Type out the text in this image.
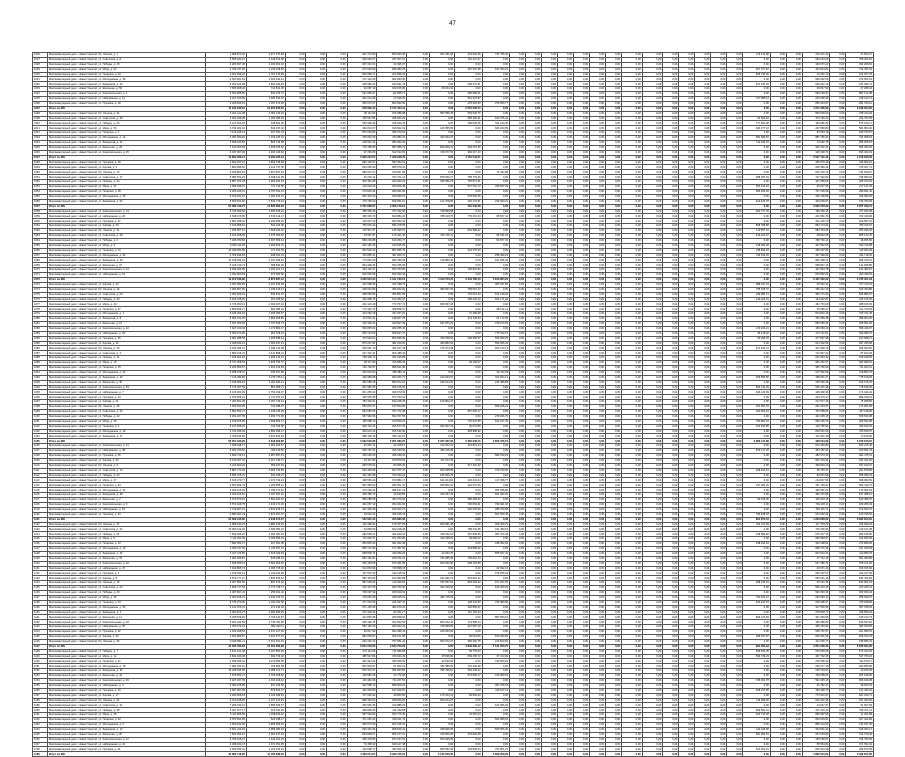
47
1026	Многоквартирный дом г. Новый Уренгой, Пр. Ленина, д. 1	1 908 873,46	2 577 970,68	0,00	0,00	0,00	661 774,69	556 593,36	0,00	201 091,82	444 664,35	731 755,40	0,00	0,00	0,00	0,00	0,00	0,00	0,00	0,00	0,00	0,00	0,00	0,00	0,00	0,00	173 476,08	0,00	0,00	291 211,42	0,00	47 604,17
1027	Многоквартирный дом г. Новый Уренгой, ул. Советская, д. 8	5 565 432,10	2 128 613,68	0,00	0,00	0,00	520 949,07	237 527,01	0,00	0,00	791 427,47	0,00	0,00	0,00	0,00	0,00	0,00	0,00	0,00	0,00	0,00	0,00	0,00	0,00	0,00	0,00	0,00	0,00	0,00	693 244,60	0,00	758 202,16
1028	Многоквартирный дом г. Новый Уренгой, ул. Победы, д. 15	2 284 837,96	1 193 261,32	0,00	0,00	0,00	607 241,51	43 495,37	0,00	0,00	0,00	0,00	0,00	0,00	0,00	0,00	0,00	0,00	0,00	0,00	0,00	0,00	0,00	0,00	0,00	0,00	0,00	0,00	0,00	449 070,22	0,00	392 268,52
1029	Многоквартирный дом г. Новый Уренгой, ул. Мира, д. 22	4 796 797,84	1 106 198,56	0,00	0,00	0,00	676 030,09	846 080,25	0,00	0,00	210 397,38	637 303,24	0,00	0,00	0,00	0,00	0,00	0,00	0,00	0,00	0,00	0,00	0,00	0,00	0,00	0,00	407 727,62	0,00	0,00	164 814,81	0,00	732 781,64
1030	Многоквартирный дом г. Новый Уренгой, ул. Гагарина, д. 29	4 921 836,42	1 767 476,85	0,00	0,00	0,00	840 848,77	224 556,33	0,00	0,00	0,00	0,00	0,00	0,00	0,00	0,00	0,00	0,00	0,00	0,00	0,00	0,00	0,00	0,00	0,00	0,00	825 733,02	0,00	0,00	33 051,70	0,00	104 027,78
1031	Многоквартирный дом г. Новый Уренгой, ул. Молодежная, д. 36	6 525 501,54	2 663 914,61	0,00	0,00	0,00	171 122,69	902 283,95	0,00	0,00	0,00	0,00	0,00	0,00	0,00	0,00	0,00	0,00	0,00	0,00	0,00	0,00	0,00	0,00	0,00	0,00	0,00	0,00	0,00	599 062,50	0,00	470 501,54
1032	Многоквартирный дом г. Новый Уренгой, ул. Заводская, д. 43	9 250 424,38	2 833 024,69	0,00	0,00	0,00	438 985,34	192 831,79	0,00	0,00	608 537,81	0,00	0,00	0,00	0,00	0,00	0,00	0,00	0,00	0,00	0,00	0,00	0,00	0,00	0,00	0,00	647 160,49	0,00	0,00	529 942,13	0,00	181 936,73
1033	Многоквартирный дом г. Новый Уренгой, ул. Школьная, д. 50	7 836 998,46	741 512,35	0,00	0,00	0,00	92 087,19	193 155,86	0,00	25 154,32	0,00	0,00	0,00	0,00	0,00	0,00	0,00	0,00	0,00	0,00	0,00	0,00	0,00	0,00	0,00	0,00	0,00	0,00	0,00	30 817,90	0,00	27 488,43
1034	Многоквартирный дом г. Новый Уренгой, ул. Комсомольская, д. 4	6 600 385,80	830 079,73	0,00	0,00	0,00	621 666,67	111 855,71	0,00	0,00	286 589,51	0,00	0,00	0,00	0,00	0,00	0,00	0,00	0,00	0,00	0,00	0,00	0,00	0,00	0,00	0,00	0,00	0,00	0,00	559 239,97	0,00	881 141,98
1035	Многоквартирный дом г. Новый Уренгой, ул. Набережная, д. 11	6 917 013,89	1 482 690,33	0,00	0,00	0,00	901 014,66	27 546,30	0,00	0,00	561 307,87	0,00	0,00	0,00	0,00	0,00	0,00	0,00	0,00	0,00	0,00	0,00	0,00	0,00	0,00	0,00	767 986,11	0,00	0,00	229 008,49	0,00	198 132,72
1036	Многоквартирный дом г. Новый Уренгой, ул. Пушкина, д. 18	2 225 810,19	1 187 474,28	0,00	0,00	0,00	659 672,07	800 092,59	0,00	0,00	475 520,83	376 500,77	0,00	0,00	0,00	0,00	0,00	0,00	0,00	0,00	0,00	0,00	0,00	0,00	0,00	0,00	0,00	0,00	0,00	865 443,67	0,00	381 790,12
1037	Итого по МО	17 610 185,19	24 915 843,62	0,00	0,00	0,00	679 969,14	6 714 444,44	0,00	0,00	2 051 203,70	0,00	0,00	0,00	0,00	0,00	0,00	0,00	0,00	0,00	0,00	0,00	0,00	0,00	0,00	0,00	0,00	0,00	0,00	4 371 296,30	0,00	2 948 364,20
1038	Многоквартирный дом г. Новый Уренгой, Пр. Ленина, д. 32	3 321 141,98	1 081 134,26	0,00	0,00	0,00	39 112,65	676 986,88	0,00	557 596,45	503 946,76	0,00	0,00	0,00	0,00	0,00	0,00	0,00	0,00	0,00	0,00	0,00	0,00	0,00	0,00	0,00	0,00	0,00	0,00	835 625,00	0,00	238 314,04
1039	Многоквартирный дом г. Новый Уренгой, ул. Советская, д. 39	4 491 049,38	1 184 066,36	0,00	0,00	0,00	150 547,84	335 644,29	0,00	0,00	695 100,31	193 765,43	0,00	0,00	0,00	0,00	0,00	0,00	0,00	0,00	0,00	0,00	0,00	0,00	0,00	0,00	91 504,63	0,00	0,00	174 749,23	0,00	432 762,35
1040	Многоквартирный дом г. Новый Уренгой, ул. Победы, д. 46	9 127 662,04	228 832,30	0,00	0,00	0,00	560 968,36	756 944,44	0,00	0,00	299 039,35	511 130,40	0,00	0,00	0,00	0,00	0,00	0,00	0,00	0,00	0,00	0,00	0,00	0,00	0,00	0,00	777 851,08	0,00	0,00	183 086,42	0,00	576 979,17
1041	Многоквартирный дом г. Новый Уренгой, ул. Мира, д. 53	3 734 182,10	643 197,02	0,00	0,00	0,00	262 824,07	616 902,01	0,00	146 585,65	0,00	603 263,89	0,00	0,00	0,00	0,00	0,00	0,00	0,00	0,00	0,00	0,00	0,00	0,00	0,00	0,00	200 077,16	0,00	0,00	207 858,80	0,00	584 853,40
1042	Многоквартирный дом г. Новый Уренгой, ул. Гагарина, д. 7	7 116 165,12	917 901,23	0,00	0,00	0,00	870 003,86	496 072,53	0,00	0,00	0,00	0,00	0,00	0,00	0,00	0,00	0,00	0,00	0,00	0,00	0,00	0,00	0,00	0,00	0,00	0,00	0,00	0,00	0,00	84 054,78	0,00	183 734,57
1043	Многоквартирный дом г. Новый Уренгой, ул. Молодежная, д. 14	4 054 050,93	2 343 184,16	0,00	0,00	0,00	736 940,59	374 583,33	0,00	463 063,27	0,00	0,00	0,00	0,00	0,00	0,00	0,00	0,00	0,00	0,00	0,00	0,00	0,00	0,00	0,00	0,00	581 689,81	0,00	0,00	887 156,64	0,00	734 058,64
1044	Многоквартирный дом г. Новый Уренгой, ул. Заводская, д. 21	6 696 180,56	825 745,88	0,00	0,00	0,00	228 931,33	380 462,96	0,00	0,00	0,00	0,00	0,00	0,00	0,00	0,00	0,00	0,00	0,00	0,00	0,00	0,00	0,00	0,00	0,00	0,00	712 426,70	0,00	0,00	70 902,78	0,00	256 925,15
1045	Многоквартирный дом г. Новый Уренгой, ул. Школьная, д. 28	7 510 493,83	2 468 325,62	0,00	0,00	0,00	719 158,95	587 588,73	0,00	829 309,41	903 437,50	0,00	0,00	0,00	0,00	0,00	0,00	0,00	0,00	0,00	0,00	0,00	0,00	0,00	0,00	0,00	0,00	0,00	0,00	326 782,41	0,00	593 360,34
1046	Многоквартирный дом г. Новый Уренгой, ул. Комсомольская, д. 35	6 347 067,90	1 460 146,60	0,00	0,00	0,00	97 260,80	612 912,81	0,00	749 077,93	384 317,13	0,00	0,00	0,00	0,00	0,00	0,00	0,00	0,00	0,00	0,00	0,00	0,00	0,00	0,00	0,00	0,00	0,00	0,00	149 328,70	0,00	696 462,19
1047	Итого по МО	14 802 469,14	8 060 185,19	0,00	0,00	0,00	5 936 234,57	7 239 228,40	0,00	0,00	4 781 543,21	0,00	0,00	0,00	0,00	0,00	0,00	0,00	0,00	0,00	0,00	0,00	0,00	0,00	0,00	0,00	0,00	0,00	0,00	3 507 191,36	0,00	1 108 333,33
1048	Многоквартирный дом г. Новый Уренгой, ул. Пушкина, д. 49	3 662 307,10	2 806 738,68	0,00	0,00	0,00	893 136,57	553 464,51	0,00	0,00	0,00	0,00	0,00	0,00	0,00	0,00	0,00	0,00	0,00	0,00	0,00	0,00	0,00	0,00	0,00	0,00	0,00	0,00	0,00	446 076,39	0,00	446 682,10
1049	Многоквартирный дом г. Новый Уренгой, ул. Кирова, д. 3	7 803 896,60	3 114 737,65	0,00	0,00	0,00	802 665,90	585 679,01	0,00	0,00	0,00	0,00	0,00	0,00	0,00	0,00	0,00	0,00	0,00	0,00	0,00	0,00	0,00	0,00	0,00	0,00	0,00	0,00	0,00	608 383,49	0,00	765 007,72
1050	Многоквартирный дом г. Новый Уренгой, Пр. Ленина, д. 10	5 269 560,19	2 827 057,61	0,00	0,00	0,00	889 047,07	316 967,59	0,00	0,00	0,00	76 334,88	0,00	0,00	0,00	0,00	0,00	0,00	0,00	0,00	0,00	0,00	0,00	0,00	0,00	0,00	0,00	0,00	0,00	615 740,74	0,00	794 818,67
1051	Многоквартирный дом г. Новый Уренгой, ул. Советская, д. 17	5 986 651,23	3 048 341,05	0,00	0,00	0,00	36 219,14	764 371,14	0,00	875 536,27	785 775,46	0,00	0,00	0,00	0,00	0,00	0,00	0,00	0,00	0,00	0,00	0,00	0,00	0,00	0,00	0,00	288 287,04	0,00	0,00	747 920,52	0,00	798 989,20
1052	Многоквартирный дом г. Новый Уренгой, ул. Победы, д. 24	6 887 152,78	1 903 292,18	0,00	0,00	0,00	906 361,88	262 060,19	0,00	336 651,23	765 871,91	0,00	0,00	0,00	0,00	0,00	0,00	0,00	0,00	0,00	0,00	0,00	0,00	0,00	0,00	0,00	0,00	0,00	0,00	167 689,04	0,00	465 979,94
1053	Многоквартирный дом г. Новый Уренгой, ул. Мира, д. 31	2 695 949,07	774 742,80	0,00	0,00	0,00	115 019,29	184 606,48	0,00	0,00	547 534,72	456 847,99	0,00	0,00	0,00	0,00	0,00	0,00	0,00	0,00	0,00	0,00	0,00	0,00	0,00	0,00	554 124,23	0,00	0,00	99 637,35	0,00	217 141,20
1054	Многоквартирный дом г. Новый Уренгой, ул. Гагарина, д. 38	6 205 246,91	2 767 811,21	0,00	0,00	0,00	273 819,44	284 841,82	0,00	0,00	0,00	0,00	0,00	0,00	0,00	0,00	0,00	0,00	0,00	0,00	0,00	0,00	0,00	0,00	0,00	0,00	905 925,93	0,00	0,00	707 226,08	0,00	299 961,42
1055	Многоквартирный дом г. Новый Уренгой, ул. Молодежная, д. 45	5 313 541,67	1 184 310,70	0,00	0,00	0,00	832 334,10	229 699,07	0,00	0,00	675 960,65	0,00	0,00	0,00	0,00	0,00	0,00	0,00	0,00	0,00	0,00	0,00	0,00	0,00	0,00	0,00	0,00	0,00	0,00	345 138,89	0,00	326 994,60
1056	Многоквартирный дом г. Новый Уренгой, ул. Заводская, д. 52	8 669 521,60	1 840 779,32	0,00	0,00	0,00	176 728,40	840 991,51	0,00	124 378,86	240 173,61	232 820,22	0,00	0,00	0,00	0,00	0,00	0,00	0,00	0,00	0,00	0,00	0,00	0,00	0,00	0,00	913 429,78	0,00	0,00	300 609,57	0,00	159 780,09
1057	Итого по МО	64 386 419,75	14 835 082,30	0,00	0,00	0,00	2 731 666,67	2 353 179,01	0,00	0,00	451 049,38	0,00	0,00	0,00	0,00	0,00	0,00	0,00	0,00	0,00	0,00	0,00	0,00	0,00	0,00	0,00	0,00	0,00	0,00	2 932 253,09	0,00	3 207 469,14
1058	Многоквартирный дом г. Новый Уренгой, ул. Комсомольская, д. 13	9 739 930,56	2 465 329,22	0,00	0,00	0,00	458 306,33	797 337,96	0,00	738 595,68	0,00	0,00	0,00	0,00	0,00	0,00	0,00	0,00	0,00	0,00	0,00	0,00	0,00	0,00	0,00	0,00	262 777,78	0,00	0,00	186 300,15	0,00	767 924,38
1059	Многоквартирный дом г. Новый Уренгой, ул. Набережная, д. 20	6 548 726,85	2 670 113,17	0,00	0,00	0,00	366 963,73	819 884,26	0,00	788 919,75	779 251,54	68 657,41	0,00	0,00	0,00	0,00	0,00	0,00	0,00	0,00	0,00	0,00	0,00	0,00	0,00	0,00	0,00	0,00	0,00	201 581,79	0,00	702 418,98
1060	Многоквартирный дом г. Новый Уренгой, ул. Пушкина, д. 27	6 891 358,02	2 940 959,36	0,00	0,00	0,00	109 097,22	903 452,93	0,00	0,00	0,00	0,00	0,00	0,00	0,00	0,00	0,00	0,00	0,00	0,00	0,00	0,00	0,00	0,00	0,00	0,00	0,00	0,00	0,00	341 203,70	0,00	625 837,19
1061	Многоквартирный дом г. Новый Уренгой, ул. Кирова, д. 34	3 019 058,64	522 106,48	0,00	0,00	0,00	783 904,32	684 278,55	0,00	0,00	0,00	0,00	0,00	0,00	0,00	0,00	0,00	0,00	0,00	0,00	0,00	0,00	0,00	0,00	0,00	0,00	868 788,58	0,00	0,00	892 773,92	0,00	780 416,67
1062	Многоквартирный дом г. Новый Уренгой, Пр. Ленина, д. 41	7 456 057,10	1 696 322,02	0,00	0,00	0,00	297 511,57	145 339,51	0,00	0,00	642 989,97	0,00	0,00	0,00	0,00	0,00	0,00	0,00	0,00	0,00	0,00	0,00	0,00	0,00	0,00	0,00	713 557,10	0,00	0,00	684 764,66	0,00	186 296,30
1063	Многоквартирный дом г. Новый Уренгой, ул. Советская, д. 48	8 320 408,95	2 475 180,04	0,00	0,00	0,00	45 057,87	173 441,36	0,00	476 736,11	0,00	56 331,02	0,00	0,00	0,00	0,00	0,00	0,00	0,00	0,00	0,00	0,00	0,00	0,00	0,00	0,00	443 422,07	0,00	0,00	58 842,59	0,00	585 142,75
1064	Многоквартирный дом г. Новый Уренгой, ул. Победы, д. 2	7 028 780,86	2 997 569,44	0,00	0,00	0,00	568 209,88	610 250,77	0,00	0,00	0,00	53 877,31	0,00	0,00	0,00	0,00	0,00	0,00	0,00	0,00	0,00	0,00	0,00	0,00	0,00	0,00	0,00	0,00	0,00	768 746,14	0,00	98 055,56
1065	Многоквартирный дом г. Новый Уренгой, ул. Мира, д. 9	9 049 112,65	2 699 562,76	0,00	0,00	0,00	640 150,46	129 645,06	0,00	0,00	0,00	0,00	0,00	0,00	0,00	0,00	0,00	0,00	0,00	0,00	0,00	0,00	0,00	0,00	0,00	0,00	218 090,28	0,00	0,00	347 862,65	0,00	460 736,88
1066	Многоквартирный дом г. Новый Уренгой, ул. Гагарина, д. 16	10 039 351,85	771 154,84	0,00	0,00	0,00	903 526,23	887 696,76	0,00	0,00	544 375,00	0,00	0,00	0,00	0,00	0,00	0,00	0,00	0,00	0,00	0,00	0,00	0,00	0,00	0,00	0,00	248 969,91	0,00	0,00	459 297,84	0,00	119 394,29
1067	Многоквартирный дом г. Новый Уренгой, ул. Молодежная, д. 23	4 764 814,81	948 161,01	0,00	0,00	0,00	703 850,31	401 909,72	0,00	0,00	0,00	258 499,23	0,00	0,00	0,00	0,00	0,00	0,00	0,00	0,00	0,00	0,00	0,00	0,00	0,00	0,00	746 516,20	0,00	0,00	337 399,69	0,00	344 718,36
1068	Многоквартирный дом г. Новый Уренгой, ул. Заводская, д. 30	10 156 944,44	2 347 389,40	0,00	0,00	0,00	770 841,05	682 789,35	0,00	744 880,40	0,00	641 836,42	0,00	0,00	0,00	0,00	0,00	0,00	0,00	0,00	0,00	0,00	0,00	0,00	0,00	0,00	0,00	0,00	0,00	582 168,21	0,00	836 709,10
1069	Многоквартирный дом г. Новый Уренгой, ул. Школьная, д. 37	5 215 740,74	968 840,02	0,00	0,00	0,00	804 498,46	530 335,65	0,00	0,00	0,00	0,00	0,00	0,00	0,00	0,00	0,00	0,00	0,00	0,00	0,00	0,00	0,00	0,00	0,00	0,00	0,00	0,00	0,00	658 827,16	0,00	141 608,80
1070	Многоквартирный дом г. Новый Уренгой, ул. Комсомольская, д. 44	9 936 033,95	1 451 221,71	0,00	0,00	0,00	394 120,37	503 753,86	0,00	0,00	136 820,99	0,00	0,00	0,00	0,00	0,00	0,00	0,00	0,00	0,00	0,00	0,00	0,00	0,00	0,00	0,00	0,00	0,00	0,00	167 804,78	0,00	642 484,57
1071	Многоквартирный дом г. Новый Уренгой, ул. Набережная, д. 51	3 391 550,93	372 350,82	0,00	0,00	0,00	520 690,59	533 333,33	0,00	0,00	0,00	0,00	0,00	0,00	0,00	0,00	0,00	0,00	0,00	0,00	0,00	0,00	0,00	0,00	0,00	0,00	0,00	0,00	0,00	870 852,62	0,00	290 439,81
1072	Итого по МО	13 672 530,86	8 874 897,12	0,00	0,00	0,00	4 026 944,44	4 131 790,12	0,00	4 313 703,70	3 243 765,43	5 810 864,20	0,00	0,00	0,00	0,00	0,00	0,00	0,00	0,00	0,00	0,00	0,00	0,00	0,00	0,00	0,00	0,00	0,00	5 437 222,22	0,00	2 725 401,23
1073	Многоквартирный дом г. Новый Уренгой, ул. Кирова, д. 12	3 097 993,83	2 247 492,28	0,00	0,00	0,00	127 908,95	371 338,73	0,00	0,00	0,00	387 187,50	0,00	0,00	0,00	0,00	0,00	0,00	0,00	0,00	0,00	0,00	0,00	0,00	0,00	0,00	388 167,44	0,00	0,00	35 532,41	0,00	677 110,34
1074	Многоквартирный дом г. Новый Уренгой, Пр. Ленина, д. 19	1 934 567,90	1 239 313,27	0,00	0,00	0,00	406 010,80	396 662,81	0,00	382 827,93	768 067,13	0,00	0,00	0,00	0,00	0,00	0,00	0,00	0,00	0,00	0,00	0,00	0,00	0,00	0,00	0,00	758 078,70	0,00	0,00	780 212,19	0,00	543 780,86
1075	Многоквартирный дом г. Новый Уренгой, ул. Советская, д. 26	2 960 069,44	635 931,07	0,00	0,00	0,00	688 653,55	356 851,85	0,00	0,00	715 613,43	672 148,92	0,00	0,00	0,00	0,00	0,00	0,00	0,00	0,00	0,00	0,00	0,00	0,00	0,00	0,00	349 980,71	0,00	0,00	360 771,60	0,00	826 886,57
1076	Многоквартирный дом г. Новый Уренгой, ул. Победы, д. 33	9 622 145,06	291 036,52	0,00	0,00	0,00	429 398,15	122 364,97	0,00	0,00	305 432,10	603 171,30	0,00	0,00	0,00	0,00	0,00	0,00	0,00	0,00	0,00	0,00	0,00	0,00	0,00	0,00	144 429,01	0,00	0,00	124 432,87	0,00	440 316,36
1077	Многоквартирный дом г. Новый Уренгой, ул. Мира, д. 40	9 726 350,31	2 362 037,04	0,00	0,00	0,00	242 133,49	773 757,72	0,00	666 867,28	0,00	0,00	0,00	0,00	0,00	0,00	0,00	0,00	0,00	0,00	0,00	0,00	0,00	0,00	0,00	0,00	0,00	0,00	0,00	494 753,09	0,00	488 645,83
1078	Многоквартирный дом г. Новый Уренгой, ул. Гагарина, д. 47	4 850 848,77	682 085,91	0,00	0,00	0,00	774 490,74	428 568,67	0,00	0,00	0,00	98 121,14	0,00	0,00	0,00	0,00	0,00	0,00	0,00	0,00	0,00	0,00	0,00	0,00	0,00	0,00	0,00	0,00	0,00	59 286,27	0,00	211 743,83
1079	Многоквартирный дом г. Новый Уренгой, ул. Молодежная, д. 1	8 195 254,63	1 455 066,87	0,00	0,00	0,00	323 283,18	447 037,04	0,00	0,00	72 465,28	0,00	0,00	0,00	0,00	0,00	0,00	0,00	0,00	0,00	0,00	0,00	0,00	0,00	0,00	0,00	0,00	0,00	0,00	870 810,19	0,00	795 721,45
1080	Многоквартирный дом г. Новый Уренгой, ул. Заводская, д. 8	8 954 012,35	1 856 905,86	0,00	0,00	0,00	174 621,91	148 607,25	0,00	0,00	474 729,94	51 172,84	0,00	0,00	0,00	0,00	0,00	0,00	0,00	0,00	0,00	0,00	0,00	0,00	0,00	0,00	0,00	0,00	0,00	793 356,48	0,00	398 823,30
1081	Многоквартирный дом г. Новый Уренгой, ул. Школьная, д. 15	2 457 253,09	1 737 615,74	0,00	0,00	0,00	319 390,43	240 597,99	0,00	187 874,23	0,00	379 274,69	0,00	0,00	0,00	0,00	0,00	0,00	0,00	0,00	0,00	0,00	0,00	0,00	0,00	0,00	0,00	0,00	0,00	882 569,44	0,00	368 591,82
1082	Многоквартирный дом г. Новый Уренгой, ул. Комсомольская, д. 22	7 627 160,49	1 173 881,17	0,00	0,00	0,00	530 825,62	299 255,40	0,00	0,00	0,00	0,00	0,00	0,00	0,00	0,00	0,00	0,00	0,00	0,00	0,00	0,00	0,00	0,00	0,00	0,00	174 043,21	0,00	0,00	166 084,10	0,00	838 449,07
1083	Многоквартирный дом г. Новый Уренгой, ул. Набережная, д. 29	5 050 270,06	954 578,19	0,00	0,00	0,00	609 710,65	508 927,47	0,00	0,00	0,00	775 702,16	0,00	0,00	0,00	0,00	0,00	0,00	0,00	0,00	0,00	0,00	0,00	0,00	0,00	0,00	35 478,40	0,00	0,00	174 741,51	0,00	360 995,37
1084	Многоквартирный дом г. Новый Уренгой, ул. Пушкина, д. 36	3 081 288,58	1 455 658,44	0,00	0,00	0,00	173 923,61	853 695,99	0,00	709 768,52	309 359,57	563 580,25	0,00	0,00	0,00	0,00	0,00	0,00	0,00	0,00	0,00	0,00	0,00	0,00	0,00	0,00	50 208,33	0,00	0,00	377 897,38	0,00	813 688,27
1085	Многоквартирный дом г. Новый Уренгой, ул. Кирова, д. 43	6 048 032,41	1 350 437,24	0,00	0,00	0,00	875 227,62	482 314,81	0,00	409 683,64	0,00	692 056,33	0,00	0,00	0,00	0,00	0,00	0,00	0,00	0,00	0,00	0,00	0,00	0,00	0,00	0,00	0,00	0,00	0,00	614 332,56	0,00	297 345,68
1086	Многоквартирный дом г. Новый Уренгой, Пр. Ленина, д. 50	5 023 495,37	1 944 110,08	0,00	0,00	0,00	500 551,70	421 527,78	0,00	776 674,38	0,00	600 713,73	0,00	0,00	0,00	0,00	0,00	0,00	0,00	0,00	0,00	0,00	0,00	0,00	0,00	0,00	617 434,41	0,00	0,00	347 669,75	0,00	466 562,50
1087	Многоквартирный дом г. Новый Уренгой, ул. Советская, д. 4	2 880 015,43	1 441 808,13	0,00	0,00	0,00	227 407,41	606 485,34	0,00	0,00	0,00	0,00	0,00	0,00	0,00	0,00	0,00	0,00	0,00	0,00	0,00	0,00	0,00	0,00	0,00	0,00	0,00	0,00	0,00	717 847,22	0,00	87 202,93
1088	Многоквартирный дом г. Новый Уренгой, ул. Победы, д. 11	7 646 604,94	1 458 140,43	0,00	0,00	0,00	799 436,73	251 199,85	0,00	0,00	0,00	0,00	0,00	0,00	0,00	0,00	0,00	0,00	0,00	0,00	0,00	0,00	0,00	0,00	0,00	0,00	0,00	0,00	0,00	642 654,32	0,00	918 028,55
1089	Многоквартирный дом г. Новый Уренгой, ул. Мира, д. 18	8 737 268,52	1 878 793,72	0,00	0,00	0,00	48 317,90	794 988,43	0,00	0,00	39 166,67	0,00	0,00	0,00	0,00	0,00	0,00	0,00	0,00	0,00	0,00	0,00	0,00	0,00	0,00	0,00	0,00	0,00	0,00	681 261,57	0,00	904 089,51
1090	Многоквартирный дом г. Новый Уренгой, ул. Гагарина, д. 25	8 266 859,57	1 454 243,83	0,00	0,00	0,00	726 739,97	898 641,98	0,00	0,00	0,00	0,00	0,00	0,00	0,00	0,00	0,00	0,00	0,00	0,00	0,00	0,00	0,00	0,00	0,00	0,00	0,00	0,00	0,00	365 790,90	0,00	711 304,01
1091	Многоквартирный дом г. Новый Уренгой, ул. Молодежная, д. 32	5 288 078,70	240 637,86	0,00	0,00	0,00	202 010,03	185 486,11	0,00	0,00	0,00	33 742,28	0,00	0,00	0,00	0,00	0,00	0,00	0,00	0,00	0,00	0,00	0,00	0,00	0,00	0,00	0,00	0,00	0,00	217 592,59	0,00	218 892,75
1092	Многоквартирный дом г. Новый Уренгой, ул. Заводская, д. 39	7 116 280,86	1 276 736,11	0,00	0,00	0,00	426 959,88	844 000,77	0,00	132 943,67	0,00	611 844,14	0,00	0,00	0,00	0,00	0,00	0,00	0,00	0,00	0,00	0,00	0,00	0,00	0,00	0,00	256 805,56	0,00	0,00	438 661,27	0,00	778 618,83
1093	Многоквартирный дом г. Новый Уренгой, ул. Школьная, д. 46	2 239 004,63	3 094 650,21	0,00	0,00	0,00	552 658,18	863 912,04	0,00	249 614,20	0,00	244 486,88	0,00	0,00	0,00	0,00	0,00	0,00	0,00	0,00	0,00	0,00	0,00	0,00	0,00	0,00	0,00	0,00	0,00	725 096,45	0,00	912 276,23
1094	Многоквартирный дом г. Новый Уренгой, ул. Комсомольская, д. 53	4 714 467,59	854 989,71	0,00	0,00	0,00	827 982,25	253 125,00	0,00	0,00	0,00	0,00	0,00	0,00	0,00	0,00	0,00	0,00	0,00	0,00	0,00	0,00	0,00	0,00	0,00	0,00	803 144,29	0,00	0,00	535 231,48	0,00	778 198,30
1095	Многоквартирный дом г. Новый Уренгой, ул. Набережная, д. 7	8 126 003,09	2 752 199,07	0,00	0,00	0,00	811 265,43	469 972,99	0,00	0,00	0,00	0,00	0,00	0,00	0,00	0,00	0,00	0,00	0,00	0,00	0,00	0,00	0,00	0,00	0,00	0,00	646 149,69	0,00	0,00	128 468,36	0,00	174 444,44
1096	Многоквартирный дом г. Новый Уренгой, ул. Пушкина, д. 14	3 979 668,21	2 731 970,16	0,00	0,00	0,00	166 539,35	572 700,62	0,00	0,00	0,00	0,00	0,00	0,00	0,00	0,00	0,00	0,00	0,00	0,00	0,00	0,00	0,00	0,00	0,00	0,00	0,00	0,00	0,00	444 479,17	0,00	890 918,21
1097	Многоквартирный дом г. Новый Уренгой, ул. Кирова, д. 21	7 204 591,05	2 067 746,91	0,00	0,00	0,00	784 402,01	813 248,46	0,00	100 802,47	0,00	0,00	0,00	0,00	0,00	0,00	0,00	0,00	0,00	0,00	0,00	0,00	0,00	0,00	0,00	0,00	0,00	0,00	0,00	217 577,16	0,00	75 358,80
1098	Многоквартирный дом г. Новый Уренгой, Пр. Ленина, д. 28	4 023 533,95	730 388,37	0,00	0,00	0,00	552 870,37	137 503,86	0,00	0,00	0,00	695 945,22	0,00	0,00	0,00	0,00	0,00	0,00	0,00	0,00	0,00	0,00	0,00	0,00	0,00	0,00	251 554,78	0,00	0,00	201 234,57	0,00	172 905,09
1099	Многоквартирный дом г. Новый Уренгой, ул. Советская, д. 35	4 804 552,47	1 148 135,29	0,00	0,00	0,00	692 083,33	757 272,38	0,00	0,00	857 006,17	0,00	0,00	0,00	0,00	0,00	0,00	0,00	0,00	0,00	0,00	0,00	0,00	0,00	0,00	0,00	154 656,64	0,00	0,00	751 558,64	0,00	437 118,06
1100	Многоквартирный дом г. Новый Уренгой, ул. Победы, д. 42	9 252 237,65	2 454 771,09	0,00	0,00	0,00	697 962,96	543 707,56	0,00	0,00	0,00	279 926,70	0,00	0,00	0,00	0,00	0,00	0,00	0,00	0,00	0,00	0,00	0,00	0,00	0,00	0,00	0,00	0,00	0,00	424 425,15	0,00	668 549,38
1101	Многоквартирный дом г. Новый Уренгой, ул. Мира, д. 49	6 679 976,85	1 588 863,17	0,00	0,00	0,00	155 088,73	270 509,26	0,00	0,00	770 937,50	621 917,44	0,00	0,00	0,00	0,00	0,00	0,00	0,00	0,00	0,00	0,00	0,00	0,00	0,00	0,00	760 860,34	0,00	0,00	552 206,79	0,00	265 543,98
1102	Многоквартирный дом г. Новый Уренгой, ул. Гагарина, д. 3	8 147 608,02	734 709,36	0,00	0,00	0,00	909 722,22	916 577,93	0,00	251 817,13	30 574,85	0,00	0,00	0,00	0,00	0,00	0,00	0,00	0,00	0,00	0,00	0,00	0,00	0,00	0,00	0,00	102 530,86	0,00	0,00	129 756,94	0,00	459 529,32
1103	Многоквартирный дом г. Новый Уренгой, ул. Молодежная, д. 10	5 724 035,49	1 852 006,17	0,00	0,00	0,00	903 013,12	615 192,90	0,00	0,00	905 898,92	0,00	0,00	0,00	0,00	0,00	0,00	0,00	0,00	0,00	0,00	0,00	0,00	0,00	0,00	0,00	0,00	0,00	0,00	819 521,60	0,00	760 636,57
1104	Многоквартирный дом г. Новый Уренгой, ул. Заводская, д. 17	3 709 645,06	2 570 203,19	0,00	0,00	0,00	588 148,15	656 114,97	0,00	0,00	0,00	0,00	0,00	0,00	0,00	0,00	0,00	0,00	0,00	0,00	0,00	0,00	0,00	0,00	0,00	0,00	0,00	0,00	0,00	311 921,30	0,00	70 165,90
1105	Итого по МО	56 254 320,99	2 618 209,88	0,00	0,00	0,00	5 992 530,86	5 251 080,25	0,00	6 207 067,90	2 355 648,15	3 652 376,54	0,00	0,00	0,00	0,00	0,00	0,00	0,00	0,00	0,00	0,00	0,00	0,00	0,00	0,00	2 986 141,98	0,00	0,00	428 024,69	0,00	3 379 166,67
1106	Многоквартирный дом г. Новый Уренгой, ул. Комсомольская, д. 31	7 938 348,77	2 961 252,57	0,00	0,00	0,00	33 240,74	62 318,67	0,00	742 002,31	331 871,14	0,00	0,00	0,00	0,00	0,00	0,00	0,00	0,00	0,00	0,00	0,00	0,00	0,00	0,00	0,00	0,00	0,00	0,00	670 493,83	0,00	653 275,46
1107	Многоквартирный дом г. Новый Уренгой, ул. Набережная, д. 38	8 052 700,62	490 110,60	0,00	0,00	0,00	605 787,04	915 420,52	0,00	456 215,28	0,00	0,00	0,00	0,00	0,00	0,00	0,00	0,00	0,00	0,00	0,00	0,00	0,00	0,00	0,00	0,00	879 471,45	0,00	0,00	354 151,23	0,00	450 821,76
1108	Многоквартирный дом г. Новый Уренгой, ул. Пушкина, д. 45	5 833 719,14	2 907 857,51	0,00	0,00	0,00	445 000,00	335 189,04	0,00	0,00	0,00	582 519,29	0,00	0,00	0,00	0,00	0,00	0,00	0,00	0,00	0,00	0,00	0,00	0,00	0,00	0,00	0,00	0,00	0,00	482 573,30	0,00	604 475,31
1109	Многоквартирный дом г. Новый Уренгой, ул. Кирова, д. 52	5 150 347,22	2 227 134,77	0,00	0,00	0,00	24 347,99	150 879,63	0,00	117 137,35	0,00	0,00	0,00	0,00	0,00	0,00	0,00	0,00	0,00	0,00	0,00	0,00	0,00	0,00	0,00	0,00	0,00	0,00	0,00	591 319,44	0,00	452 341,82
1110	Многоквартирный дом г. Новый Уренгой, Пр. Ленина, д. 6	3 214 660,49	953 047,84	0,00	0,00	0,00	839 575,62	83 005,40	0,00	0,00	317 461,42	0,00	0,00	0,00	0,00	0,00	0,00	0,00	0,00	0,00	0,00	0,00	0,00	0,00	0,00	0,00	0,00	0,00	0,00	399 834,10	0,00	547 199,07
1111	Многоквартирный дом г. Новый Уренгой, ул. Советская, д. 13	5 887 770,06	2 483 744,86	0,00	0,00	0,00	543 460,65	817 677,47	0,00	662 638,89	0,00	379 733,80	0,00	0,00	0,00	0,00	0,00	0,00	0,00	0,00	0,00	0,00	0,00	0,00	0,00	0,00	408 491,51	0,00	0,00	69 745,37	0,00	291 878,86
1112	Многоквартирный дом г. Новый Уренгой, ул. Победы, д. 20	9 554 475,31	492 245,37	0,00	0,00	0,00	262 445,99	700 320,22	0,00	180 929,78	0,00	0,00	0,00	0,00	0,00	0,00	0,00	0,00	0,00	0,00	0,00	0,00	0,00	0,00	0,00	0,00	0,00	0,00	0,00	83 815,59	0,00	658 958,33
1113	Многоквартирный дом г. Новый Уренгой, ул. Мира, д. 27	5 616 473,77	1 374 794,24	0,00	0,00	0,00	438 553,24	673 881,17	0,00	641 064,81	418 433,64	417 098,77	0,00	0,00	0,00	0,00	0,00	0,00	0,00	0,00	0,00	0,00	0,00	0,00	0,00	0,00	0,00	0,00	0,00	214 837,96	0,00	698 082,56
1114	Многоквартирный дом г. Новый Уренгой, ул. Гагарина, д. 34	8 560 956,79	1 253 665,12	0,00	0,00	0,00	851 983,02	284 301,70	0,00	353 800,15	422 372,69	0,00	0,00	0,00	0,00	0,00	0,00	0,00	0,00	0,00	0,00	0,00	0,00	0,00	0,00	0,00	237 384,26	0,00	0,00	701 184,41	0,00	806 419,75
1115	Многоквартирный дом г. Новый Уренгой, ул. Молодежная, д. 41	5 003 125,00	1 789 171,81	0,00	0,00	0,00	176 292,44	386 157,41	0,00	0,00	0,00	306 635,80	0,00	0,00	0,00	0,00	0,00	0,00	0,00	0,00	0,00	0,00	0,00	0,00	0,00	0,00	0,00	0,00	0,00	426 597,22	0,00	170 952,93
1116	Многоквартирный дом г. Новый Уренгой, ул. Заводская, д. 48	3 234 104,94	1 237 307,10	0,00	0,00	0,00	208 186,73	34 949,85	0,00	793 337,19	0,00	501 404,32	0,00	0,00	0,00	0,00	0,00	0,00	0,00	0,00	0,00	0,00	0,00	0,00	0,00	0,00	0,00	0,00	0,00	482 476,85	0,00	607 388,12
1117	Многоквартирный дом г. Новый Уренгой, ул. Школьная, д. 2	6 070 679,01	2 562 461,42	0,00	0,00	0,00	586 288,58	460 273,92	0,00	0,00	486 396,60	0,00	0,00	0,00	0,00	0,00	0,00	0,00	0,00	0,00	0,00	0,00	0,00	0,00	0,00	0,00	60 435,96	0,00	0,00	105 023,15	0,00	810 489,97
1118	Многоквартирный дом г. Новый Уренгой, ул. Комсомольская, д. 9	5 573 919,75	1 443 171,30	0,00	0,00	0,00	431 057,10	252 264,66	0,00	0,00	720 054,01	790 941,36	0,00	0,00	0,00	0,00	0,00	0,00	0,00	0,00	0,00	0,00	0,00	0,00	0,00	0,00	0,00	0,00	0,00	794 236,11	0,00	480 258,49
1119	Многоквартирный дом г. Новый Уренгой, ул. Набережная, д. 16	7 743 827,16	2 879 436,73	0,00	0,00	0,00	342 492,28	910 922,07	0,00	0,00	620 378,09	285 709,88	0,00	0,00	0,00	0,00	0,00	0,00	0,00	0,00	0,00	0,00	0,00	0,00	0,00	0,00	0,00	0,00	0,00	450 115,74	0,00	216 693,67
1120	Многоквартирный дом г. Новый Уренгой, ул. Пушкина, д. 23	9 580 401,23	2 871 257,72	0,00	0,00	0,00	20 594,14	336 246,14	0,00	0,00	0,00	507 650,46	0,00	0,00	0,00	0,00	0,00	0,00	0,00	0,00	0,00	0,00	0,00	0,00	0,00	0,00	786 408,18	0,00	0,00	572 662,04	0,00	619 795,52
1121	Итого по МО	64 669 135,80	3 349 074,07	0,00	0,00	0,00	522 901,23	225 895,06	0,00	0,00	0,00	0,00	0,00	0,00	0,00	0,00	0,00	0,00	0,00	0,00	0,00	0,00	0,00	0,00	0,00	0,00	601 975,31	0,00	0,00	1 293 858,02	0,00	6 895 000,00
1122	Многоквартирный дом г. Новый Уренгой, Пр. Ленина, д. 37	5 895 640,43	2 884 516,46	0,00	0,00	0,00	116 469,91	176 797,84	0,00	693 981,48	0,00	269 409,72	0,00	0,00	0,00	0,00	0,00	0,00	0,00	0,00	0,00	0,00	0,00	0,00	0,00	0,00	703 722,99	0,00	0,00	117 754,63	0,00	425 999,23
1123	Многоквартирный дом г. Новый Уренгой, ул. Советская, д. 44	10 090 123,46	2 180 054,01	0,00	0,00	0,00	54 899,69	812 218,36	0,00	0,00	788 341,05	431 450,62	0,00	0,00	0,00	0,00	0,00	0,00	0,00	0,00	0,00	0,00	0,00	0,00	0,00	0,00	0,00	0,00	0,00	740 300,93	0,00	129 101,08
1124	Многоквартирный дом г. Новый Уренгой, ул. Победы, д. 51	7 593 364,20	1 394 097,22	0,00	0,00	0,00	299 668,21	404 209,10	0,00	418 152,01	397 835,65	487 704,48	0,00	0,00	0,00	0,00	0,00	0,00	0,00	0,00	0,00	0,00	0,00	0,00	0,00	0,00	198 869,60	0,00	0,00	676 327,16	0,00	909 108,80
1125	Многоквартирный дом г. Новый Уренгой, ул. Мира, д. 5	7 111 033,95	3 009 555,04	0,00	0,00	0,00	711 620,37	671 253,86	0,00	412 048,61	29 695,22	0,00	0,00	0,00	0,00	0,00	0,00	0,00	0,00	0,00	0,00	0,00	0,00	0,00	0,00	0,00	0,00	0,00	0,00	659 984,57	0,00	106 655,09
1126	Многоквартирный дом г. Новый Уренгой, ул. Гагарина, д. 12	7 892 052,47	427 301,95	0,00	0,00	0,00	850 833,33	391 022,38	0,00	0,00	0,00	438 352,62	0,00	0,00	0,00	0,00	0,00	0,00	0,00	0,00	0,00	0,00	0,00	0,00	0,00	0,00	238 406,64	0,00	0,00	310 308,64	0,00	370 868,06
1127	Многоквартирный дом г. Новый Уренгой, ул. Молодежная, д. 19	3 339 737,65	1 733 937,76	0,00	0,00	0,00	856 712,96	177 457,56	0,00	0,00	443 858,02	0,00	0,00	0,00	0,00	0,00	0,00	0,00	0,00	0,00	0,00	0,00	0,00	0,00	0,00	0,00	0,00	0,00	0,00	508 175,15	0,00	227 299,38
1128	Многоквартирный дом г. Новый Уренгой, ул. Заводская, д. 26	6 017 476,85	2 618 029,84	0,00	0,00	0,00	838 838,73	429 259,26	0,00	23 294,75	0,00	855 667,44	0,00	0,00	0,00	0,00	0,00	0,00	0,00	0,00	0,00	0,00	0,00	0,00	0,00	0,00	0,00	0,00	0,00	844 610,34	0,00	110 956,79
1129	Многоквартирный дом г. Новый Уренгой, ул. Школьная, д. 33	2 992 939,81	545 036,01	0,00	0,00	0,00	864 162,81	168 472,22	0,00	790 285,49	700 061,73	0,00	0,00	0,00	0,00	0,00	0,00	0,00	0,00	0,00	0,00	0,00	0,00	0,00	0,00	0,00	0,00	0,00	0,00	47 712,19	0,00	561 280,86
1130	Многоквартирный дом г. Новый Уренгой, ул. Комсомольская, д. 40	1 635 069,44	2 694 264,40	0,00	0,00	0,00	256 153,55	674 351,85	0,00	623 942,90	628 163,58	0,00	0,00	0,00	0,00	0,00	0,00	0,00	0,00	0,00	0,00	0,00	0,00	0,00	0,00	0,00	0,00	0,00	0,00	517 480,71	0,00	378 271,60
1131	Многоквартирный дом г. Новый Уренгой, ул. Набережная, д. 47	7 943 865,74	2 065 715,02	0,00	0,00	0,00	514 810,96	746 898,15	0,00	0,00	0,00	22 932,10	0,00	0,00	0,00	0,00	0,00	0,00	0,00	0,00	0,00	0,00	0,00	0,00	0,00	0,00	0,00	0,00	0,00	20 671,30	0,00	153 915,90
1132	Многоквартирный дом г. Новый Уренгой, ул. Пушкина, д. 1	2 619 290,12	3 106 442,90	0,00	0,00	0,00	157 816,36	440 135,03	0,00	0,00	0,00	678 206,02	0,00	0,00	0,00	0,00	0,00	0,00	0,00	0,00	0,00	0,00	0,00	0,00	0,00	0,00	0,00	0,00	0,00	690 297,07	0,00	343 217,59
1133	Многоквартирный дом г. Новый Уренгой, ул. Кирова, д. 8	5 570 177,47	1 840 843,62	0,00	0,00	0,00	356 145,83	102 584,88	0,00	191 990,74	524 915,12	0,00	0,00	0,00	0,00	0,00	0,00	0,00	0,00	0,00	0,00	0,00	0,00	0,00	0,00	0,00	0,00	0,00	0,00	565 621,14	0,00	832 430,56
1134	Многоквартирный дом г. Новый Уренгой, Пр. Ленина, д. 15	3 267 862,65	897 479,42	0,00	0,00	0,00	587 025,46	114 020,06	0,00	764 537,04	825 239,20	107 237,65	0,00	0,00	0,00	0,00	0,00	0,00	0,00	0,00	0,00	0,00	0,00	0,00	0,00	0,00	288 310,19	0,00	0,00	63 221,45	0,00	812 901,23
1135	Многоквартирный дом г. Новый Уренгой, ул. Советская, д. 22	4 845 717,59	2 773 739,71	0,00	0,00	0,00	616 107,25	603 750,00	0,00	492 229,94	0,00	816 269,29	0,00	0,00	0,00	0,00	0,00	0,00	0,00	0,00	0,00	0,00	0,00	0,00	0,00	0,00	0,00	0,00	0,00	566 323,30	0,00	163 225,31
1136	Многоквартирный дом г. Новый Уренгой, ул. Победы, д. 29	4 487 847,22	256 301,44	0,00	0,00	0,00	708 097,99	309 629,63	0,00	0,00	0,00	0,00	0,00	0,00	0,00	0,00	0,00	0,00	0,00	0,00	0,00	0,00	0,00	0,00	0,00	0,00	0,00	0,00	0,00	591 593,36	0,00	300 069,44
1137	Многоквартирный дом г. Новый Уренгой, ул. Мира, д. 36	6 360 918,21	2 400 720,16	0,00	0,00	0,00	179 664,35	248 325,62	0,00	482 175,93	0,00	0,00	0,00	0,00	0,00	0,00	0,00	0,00	0,00	0,00	0,00	0,00	0,00	0,00	0,00	0,00	791 543,21	0,00	0,00	633 584,10	0,00	255 949,07
1138	Многоквартирный дом г. Новый Уренгой, ул. Гагарина, д. 43	6 725 270,06	1 012 911,52	0,00	0,00	0,00	477 210,65	226 427,47	0,00	0,00	128 244,60	763 483,80	0,00	0,00	0,00	0,00	0,00	0,00	0,00	0,00	0,00	0,00	0,00	0,00	0,00	0,00	642 241,51	0,00	0,00	678 495,37	0,00	375 628,86
1139	Многоквартирный дом г. Новый Уренгой, ул. Молодежная, д. 50	5 141 975,31	271 412,04	0,00	0,00	0,00	571 195,99	484 070,22	0,00	0,00	326 859,57	0,00	0,00	0,00	0,00	0,00	0,00	0,00	0,00	0,00	0,00	0,00	0,00	0,00	0,00	0,00	0,00	0,00	0,00	317 565,59	0,00	367 708,33
1140	Многоквартирный дом г. Новый Уренгой, ул. Заводская, д. 4	6 453 973,77	2 903 960,91	0,00	0,00	0,00	372 303,24	82 631,17	0,00	0,00	167 781,64	0,00	0,00	0,00	0,00	0,00	0,00	0,00	0,00	0,00	0,00	0,00	0,00	0,00	0,00	0,00	0,00	0,00	0,00	275 848,77	0,00	259 556,33
1141	Многоквартирный дом г. Новый Уренгой, ул. Школьная, д. 11	9 235 879,63	2 739 441,87	0,00	0,00	0,00	314 845,68	269 849,54	0,00	0,00	0,00	887 550,15	0,00	0,00	0,00	0,00	0,00	0,00	0,00	0,00	0,00	0,00	0,00	0,00	0,00	0,00	806 122,69	0,00	0,00	337 283,95	0,00	168 213,73
1142	Многоквартирный дом г. Новый Уренгой, ул. Комсомольская, д. 18	9 461 342,59	2 749 781,38	0,00	0,00	0,00	365 169,75	334 062,50	0,00	860 042,44	773 985,34	0,00	0,00	0,00	0,00	0,00	0,00	0,00	0,00	0,00	0,00	0,00	0,00	0,00	0,00	0,00	0,00	0,00	0,00	165 385,80	0,00	643 537,81
1143	Многоквартирный дом г. Новый Уренгой, ул. Набережная, д. 25	2 353 472,22	982 343,11	0,00	0,00	0,00	682 160,49	264 942,13	0,00	718 699,85	427 087,19	0,00	0,00	0,00	0,00	0,00	0,00	0,00	0,00	0,00	0,00	0,00	0,00	0,00	0,00	0,00	0,00	0,00	0,00	360 154,32	0,00	485 528,55
1144	Многоквартирный дом г. Новый Уренгой, ул. Пушкина, д. 32	2 912 268,52	2 437 127,06	0,00	0,00	0,00	65 817,90	662 488,43	0,00	244 023,92	0,00	0,00	0,00	0,00	0,00	0,00	0,00	0,00	0,00	0,00	0,00	0,00	0,00	0,00	0,00	0,00	0,00	0,00	0,00	548 761,57	0,00	621 589,51
1145	Многоквартирный дом г. Новый Уренгой, ул. Кирова, д. 39	3 941 859,57	2 512 577,16	0,00	0,00	0,00	894 239,97	916 141,98	0,00	0,00	36 014,66	533 290,90	0,00	0,00	0,00	0,00	0,00	0,00	0,00	0,00	0,00	0,00	0,00	0,00	0,00	0,00	296 307,87	0,00	0,00	649 691,36	0,00	669 510,03
1146	Многоквартирный дом г. Новый Уренгой, Пр. Ленина, д. 46	6 029 861,11	2 013 361,63	0,00	0,00	0,00	233 132,72	757 581,02	0,00	694 672,07	386 392,75	210 520,83	0,00	0,00	0,00	0,00	0,00	0,00	0,00	0,00	0,00	0,00	0,00	0,00	0,00	0,00	0,00	0,00	0,00	411 500,77	0,00	158 865,74
1147	Итого по МО	32 035 493,83	12 181 069,96	0,00	0,00	0,00	6 041 018,52	2 634 753,09	0,00	0,00	4 849 290,12	7 131 203,70	0,00	0,00	0,00	0,00	0,00	0,00	0,00	0,00	0,00	0,00	0,00	0,00	0,00	0,00	961 265,43	0,00	0,00	2 251 296,30	0,00	5 628 364,20
1148	Многоквартирный дом г. Новый Уренгой, ул. Победы, д. 7	3 671 141,98	3 197 800,93	0,00	0,00	0,00	374 112,65	711 986,88	0,00	0,00	29 776,23	0,00	0,00	0,00	0,00	0,00	0,00	0,00	0,00	0,00	0,00	0,00	0,00	0,00	0,00	0,00	395 482,25	0,00	0,00	570 625,00	0,00	573 314,04
1149	Многоквартирный дом г. Новый Уренгой, ул. Мира, д. 14	4 841 049,38	300 733,02	0,00	0,00	0,00	485 547,84	370 644,29	0,00	45 698,30	653 159,72	37 472,99	0,00	0,00	0,00	0,00	0,00	0,00	0,00	0,00	0,00	0,00	0,00	0,00	0,00	0,00	509 749,23	0,00	0,00	467 762,35	0,00	547 766,20
1150	Многоквартирный дом г. Новый Уренгой, ул. Гагарина, д. 21	4 636 496,91	2 119 894,55	0,00	0,00	0,00	491 944,44	465 466,82	0,00	34 039,35	0,00	449 050,93	0,00	0,00	0,00	0,00	0,00	0,00	0,00	0,00	0,00	0,00	0,00	0,00	0,00	0,00	0,00	0,00	0,00	218 086,42	0,00	311 979,17
1151	Многоквартирный дом г. Новый Уренгой, ул. Молодежная, д. 28	7 084 182,10	759 863,68	0,00	0,00	0,00	897 824,07	51 902,01	0,00	781 585,65	721 454,48	0,00	0,00	0,00	0,00	0,00	0,00	0,00	0,00	0,00	0,00	0,00	0,00	0,00	0,00	0,00	0,00	0,00	0,00	235 077,16	0,00	842 858,80
1152	Многоквартирный дом г. Новый Уренгой, ул. Заводская, д. 35	10 198 533,95	2 288 721,71	0,00	0,00	0,00	870 370,37	305 003,86	0,00	795 798,61	263 445,22	0,00	0,00	0,00	0,00	0,00	0,00	0,00	0,00	0,00	0,00	0,00	0,00	0,00	0,00	0,00	0,00	0,00	0,00	218 734,57	0,00	40 405,09
1153	Многоквартирный дом г. Новый Уренгой, ул. Школьная, д. 42	1 979 552,47	2 706 468,62	0,00	0,00	0,00	109 583,33	24 772,38	0,00	0,00	574 506,17	316 689,81	0,00	0,00	0,00	0,00	0,00	0,00	0,00	0,00	0,00	0,00	0,00	0,00	0,00	0,00	0,00	0,00	0,00	769 058,64	0,00	304 618,06
1154	Многоквартирный дом г. Новый Уренгой, ул. Комсомольская, д. 49	6 427 237,65	1 013 104,42	0,00	0,00	0,00	115 462,96	711 207,56	0,00	0,00	0,00	0,00	0,00	0,00	0,00	0,00	0,00	0,00	0,00	0,00	0,00	0,00	0,00	0,00	0,00	0,00	705 902,78	0,00	0,00	591 925,15	0,00	686 049,38
1155	Многоквартирный дом г. Новый Уренгой, ул. Набережная, д. 3	5 354 976,85	647 196,50	0,00	0,00	0,00	622 588,73	588 009,26	0,00	0,00	0,00	397 376,54	0,00	0,00	0,00	0,00	0,00	0,00	0,00	0,00	0,00	0,00	0,00	0,00	0,00	0,00	0,00	0,00	0,00	61 782,41	0,00	28 360,34
1156	Многоквартирный дом г. Новый Уренгой, ул. Пушкина, д. 10	6 697 067,90	576 813,27	0,00	0,00	0,00	432 260,80	647 912,81	0,00	0,00	0,00	119 317,13	0,00	0,00	0,00	0,00	0,00	0,00	0,00	0,00	0,00	0,00	0,00	0,00	0,00	0,00	498 074,85	0,00	0,00	784 328,70	0,00	131 462,19
1157	Многоквартирный дом г. Новый Уренгой, ул. Кирова, д. 17	2 200 308,64	3 124 189,81	0,00	0,00	0,00	177 029,32	39 903,55	0,00	170 513,12	66 863,43	0,00	0,00	0,00	0,00	0,00	0,00	0,00	0,00	0,00	0,00	0,00	0,00	0,00	0,00	0,00	0,00	0,00	0,00	773 541,67	0,00	601 230,71
1158	Многоквартирный дом г. Новый Уренгой, Пр. Ленина, д. 24	9 370 216,05	2 227 121,91	0,00	0,00	0,00	888 464,51	298 560,96	0,00	823 614,97	0,00	0,00	0,00	0,00	0,00	0,00	0,00	0,00	0,00	0,00	0,00	0,00	0,00	0,00	0,00	0,00	715 389,66	0,00	0,00	629 421,30	0,00	237 665,90
1159	Многоквартирный дом г. Новый Уренгой, ул. Советская, д. 31	7 206 790,12	2 885 609,57	0,00	0,00	0,00	466 566,36	223 885,03	0,00	0,00	0,00	161 956,02	0,00	0,00	0,00	0,00	0,00	0,00	0,00	0,00	0,00	0,00	0,00	0,00	0,00	0,00	0,00	0,00	0,00	24 047,07	0,00	51 967,59
1160	Многоквартирный дом г. Новый Уренгой, ул. Победы, д. 38	6 407 677,47	370 010,29	0,00	0,00	0,00	289 895,83	411 334,88	0,00	0,00	0,00	0,00	0,00	0,00	0,00	0,00	0,00	0,00	0,00	0,00	0,00	0,00	0,00	0,00	0,00	0,00	609 502,31	0,00	0,00	371 219,14	0,00	799 371,14
1161	Многоквартирный дом г. Новый Уренгой, ул. Мира, д. 45	6 411 805,56	1 168 454,22	0,00	0,00	0,00	687 993,83	520 775,46	0,00	0,00	23 287,04	0,00	0,00	0,00	0,00	0,00	0,00	0,00	0,00	0,00	0,00	0,00	0,00	0,00	0,00	0,00	323 715,28	0,00	0,00	865 987,65	0,00	41 361,88
1162	Многоквартирный дом г. Новый Уренгой, ул. Гагарина, д. 52	9 970 601,85	623 238,17	0,00	0,00	0,00	371 651,23	318 321,76	0,00	0,00	0,00	502 689,04	0,00	0,00	0,00	0,00	0,00	0,00	0,00	0,00	0,00	0,00	0,00	0,00	0,00	0,00	0,00	0,00	0,00	804 594,91	0,00	527 422,84
1163	Многоквартирный дом г. Новый Уренгой, ул. Молодежная, д. 6	2 500 192,90	2 865 354,94	0,00	0,00	0,00	650 073,30	621 975,31	0,00	0,00	0,00	0,00	0,00	0,00	0,00	0,00	0,00	0,00	0,00	0,00	0,00	0,00	0,00	0,00	0,00	0,00	0,00	0,00	0,00	889 124,23	0,00	134 637,35
1164	Многоквартирный дом г. Новый Уренгой, ул. Заводская, д. 13	9 521 412,04	2 985 082,30	0,00	0,00	0,00	825 343,36	908 819,44	0,00	238 966,05	0,00	550 505,40	0,00	0,00	0,00	0,00	0,00	0,00	0,00	0,00	0,00	0,00	0,00	0,00	0,00	0,00	142 226,08	0,00	0,00	334 961,42	0,00	166 354,17
1165	Многоквартирный дом г. Новый Уренгой, ул. Школьная, д. 20	7 502 932,10	3 024 447,02	0,00	0,00	0,00	864 699,07	656 277,01	0,00	410 960,65	275 829,48	0,00	0,00	0,00	0,00	0,00	0,00	0,00	0,00	0,00	0,00	0,00	0,00	0,00	0,00	0,00	801 952,16	0,00	0,00	247 233,80	0,00	511 728,40
1166	Многоквартирный дом г. Новый Уренгой, ул. Комсомольская, д. 27	9 759 915,12	1 424 151,23	0,00	0,00	0,00	459 378,86	872 947,53	0,00	879 945,99	0,00	0,00	0,00	0,00	0,00	0,00	0,00	0,00	0,00	0,00	0,00	0,00	0,00	0,00	0,00	0,00	0,00	0,00	0,00	335 609,57	0,00	794 780,09
1167	Многоквартирный дом г. Новый Уренгой, ул. Набережная, д. 34	2 398 302,47	1 971 051,95	0,00	0,00	0,00	76 458,33	629 147,38	0,00	0,00	0,00	0,00	0,00	0,00	0,00	0,00	0,00	0,00	0,00	0,00	0,00	0,00	0,00	0,00	0,00	0,00	0,00	0,00	0,00	58 564,81	0,00	701 531,64
1168	Многоквартирный дом г. Новый Уренгой, ул. Пушкина, д. 41	5 359 336,42	2 163 310,19	0,00	0,00	0,00	134 598,77	493 306,33	0,00	865 582,56	203 599,54	751 801,70	0,00	0,00	0,00	0,00	0,00	0,00	0,00	0,00	0,00	0,00	0,00	0,00	0,00	0,00	521 300,15	0,00	0,00	802 924,38	0,00	289 872,69
1169	Итого по МО	23 682 716,05	11 785 699,59	0,00	0,00	0,00	4 439 074,07	6 949 475,31	0,00	2 142 500,00	0,00	5 629 259,26	0,00	0,00	0,00	0,00	0,00	0,00	0,00	0,00	0,00	0,00	0,00	0,00	0,00	0,00	0,00	0,00	0,00	1 892 654,32	0,00	3 499 351,85
